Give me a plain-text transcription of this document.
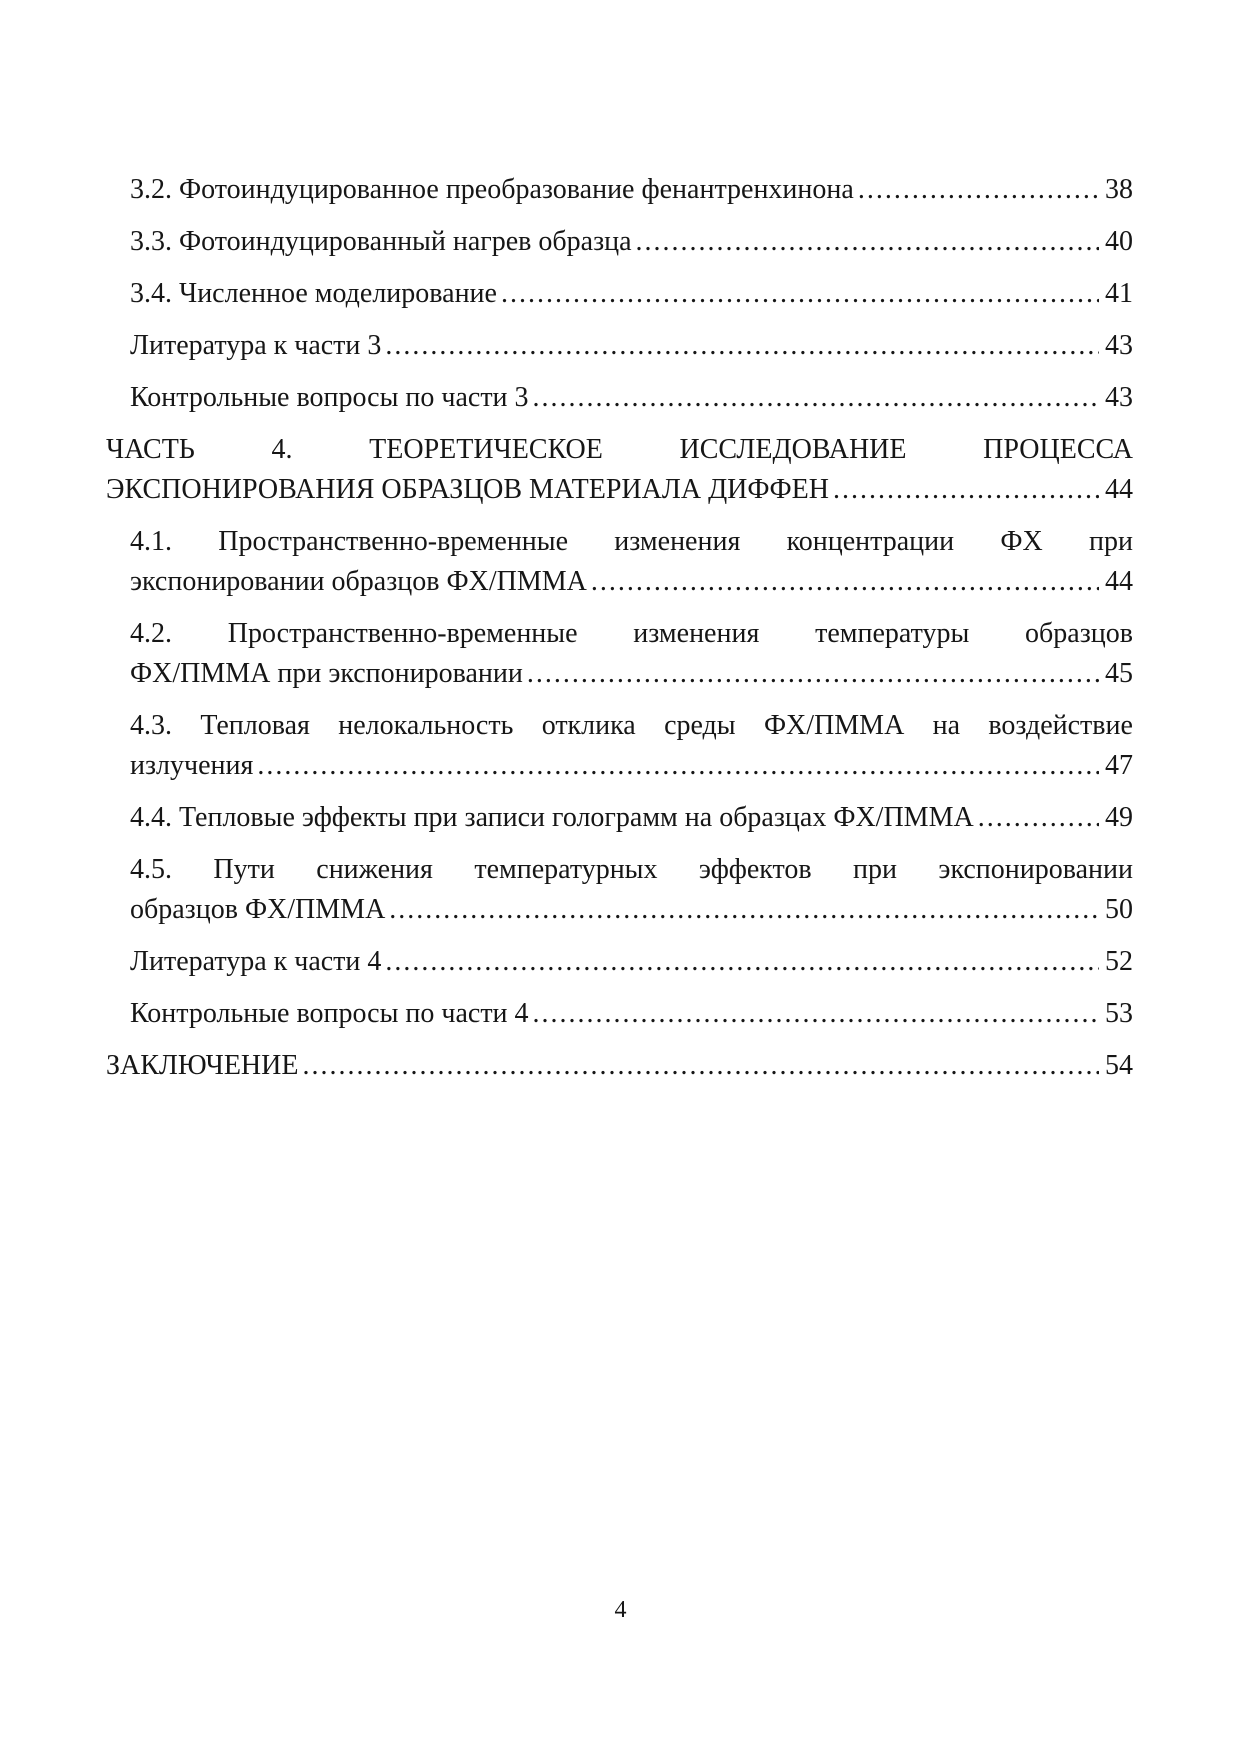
3.2. Фотоиндуцированное преобразование фенантренхинона .....	38
3.3. Фотоиндуцированный нагрев образца .....	40
3.4. Численное моделирование .....	41
Литература к части 3 .....	43
Контрольные вопросы по части 3 .....	43
ЧАСТЬ	4.	ТЕОРЕТИЧЕСКОЕ	ИССЛЕДОВАНИЕ	ПРОЦЕССА
ЭКСПОНИРОВАНИЯ ОБРАЗЦОВ МАТЕРИАЛА ДИФФЕН .....	44
4.1. Пространственно-временные изменения концентрации ФХ при
экспонировании образцов ФХ/ПММА .....	44
4.2. Пространственно-временные изменения температуры образцов
ФХ/ПММА при экспонировании .....	45
4.3. Тепловая нелокальность отклика среды ФХ/ПММА на воздействие
излучения .....	47
4.4. Тепловые эффекты при записи голограмм на образцах ФХ/ПММА .....	49
4.5. Пути снижения температурных эффектов при экспонировании
образцов ФХ/ПММА .....	50
Литература к части 4 .....	52
Контрольные вопросы по части 4 .....	53
ЗАКЛЮЧЕНИЕ .....	54
4
